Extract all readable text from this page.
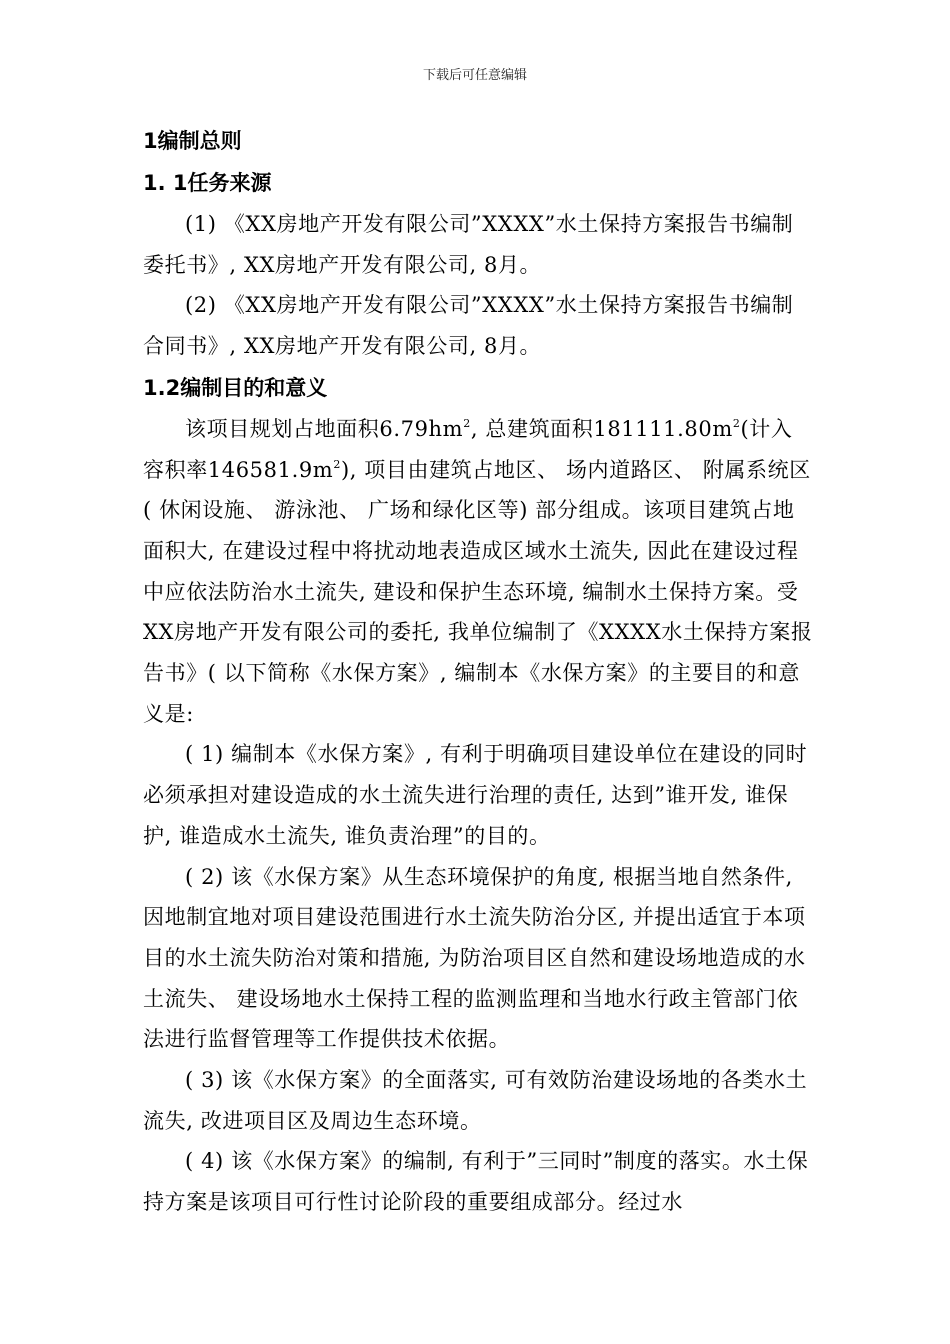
下载后可任意编辑

1编制总则

1. 1任务来源

(1) 《XX房地产开发有限公司”XXXX”水土保持方案报告书编制委托书》, XX房地产开发有限公司, 8月。

(2) 《XX房地产开发有限公司”XXXX”水土保持方案报告书编制合同书》, XX房地产开发有限公司, 8月。

1.2编制目的和意义

该项目规划占地面积$6.79hm^2$, 总建筑面积$181111.80m^2$(计入容积率$146581.9m^2$), 项目由建筑占地区、 场内道路区、 附属系统区( 休闲设施、 游泳池、 广场和绿化区等) 部分组成。该项目建筑占地面积大, 在建设过程中将扰动地表造成区域水土流失, 因此在建设过程中应依法防治水土流失, 建设和保护生态环境, 编制水土保持方案。受XX房地产开发有限公司的委托, 我单位编制了《XXXX水土保持方案报告书》( 以下简称《水保方案》, 编制本《水保方案》的主要目的和意义是:

( 1) 编制本《水保方案》, 有利于明确项目建设单位在建设的同时必须承担对建设造成的水土流失进行治理的责任, 达到”谁开发, 谁保护, 谁造成水土流失, 谁负责治理”的目的。

( 2) 该《水保方案》从生态环境保护的角度, 根据当地自然条件, 因地制宜地对项目建设范围进行水土流失防治分区, 并提出适宜于本项目的水土流失防治对策和措施, 为防治项目区自然和建设场地造成的水土流失、 建设场地水土保持工程的监测监理和当地水行政主管部门依法进行监督管理等工作提供技术依据。

( 3) 该《水保方案》的全面落实, 可有效防治建设场地的各类水土流失, 改进项目区及周边生态环境。

( 4) 该《水保方案》的编制, 有利于”三同时”制度的落实。水土保持方案是该项目可行性讨论阶段的重要组成部分。经过水
